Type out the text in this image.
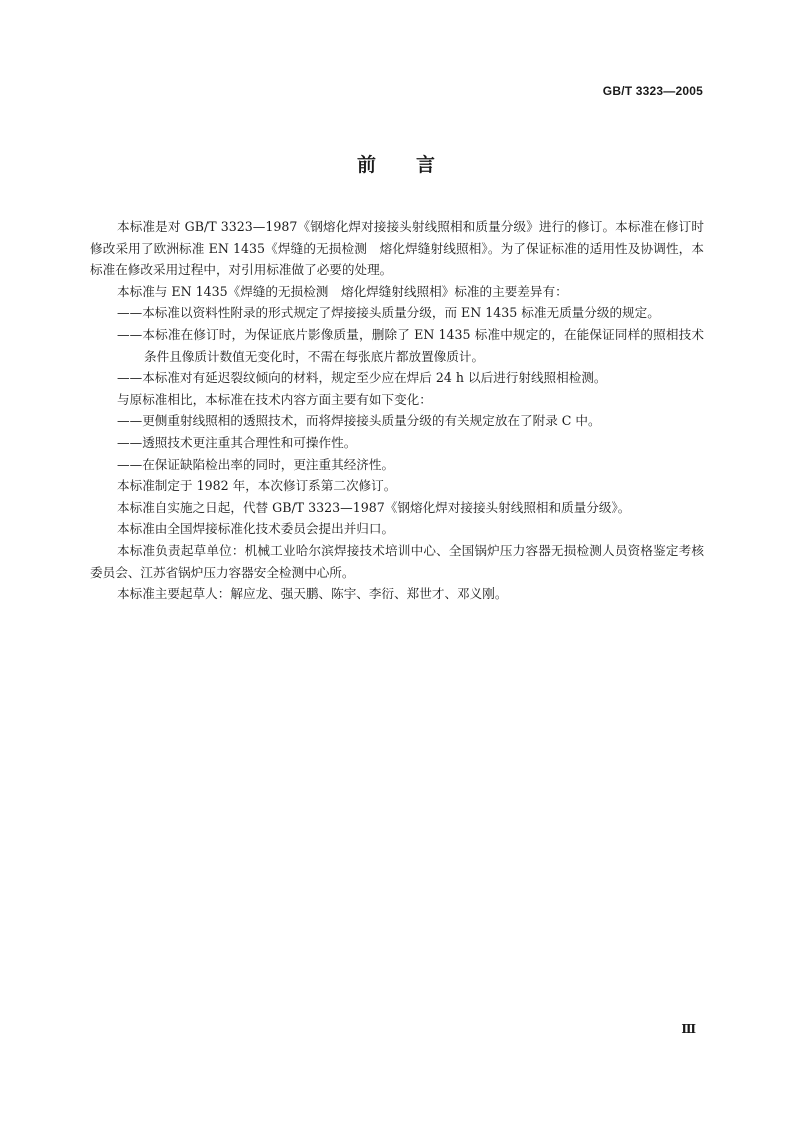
GB/T 3323—2005
前 言

本标准是对 GB/T 3323—1987《钢熔化焊对接接头射线照相和质量分级》进行的修订。本标准在修订时修改采用了欧洲标准 EN 1435《焊缝的无损检测　熔化焊缝射线照相》。为了保证标准的适用性及协调性，本标准在修改采用过程中，对引用标准做了必要的处理。

本标准与 EN 1435《焊缝的无损检测　熔化焊缝射线照相》标准的主要差异有：

——本标准以资料性附录的形式规定了焊接接头质量分级，而 EN 1435 标准无质量分级的规定。

——本标准在修订时，为保证底片影像质量，删除了 EN 1435 标准中规定的，在能保证同样的照相技术条件且像质计数值无变化时，不需在每张底片都放置像质计。

——本标准对有延迟裂纹倾向的材料，规定至少应在焊后 24 h 以后进行射线照相检测。

与原标准相比，本标准在技术内容方面主要有如下变化：

——更侧重射线照相的透照技术，而将焊接接头质量分级的有关规定放在了附录 C 中。

——透照技术更注重其合理性和可操作性。

——在保证缺陷检出率的同时，更注重其经济性。

本标准制定于 1982 年，本次修订系第二次修订。

本标准自实施之日起，代替 GB/T 3323—1987《钢熔化焊对接接头射线照相和质量分级》。

本标准由全国焊接标准化技术委员会提出并归口。

本标准负责起草单位：机械工业哈尔滨焊接技术培训中心、全国锅炉压力容器无损检测人员资格鉴定考核委员会、江苏省锅炉压力容器安全检测中心所。

本标准主要起草人：解应龙、强天鹏、陈宇、李衍、郑世才、邓义刚。

Ⅲ
